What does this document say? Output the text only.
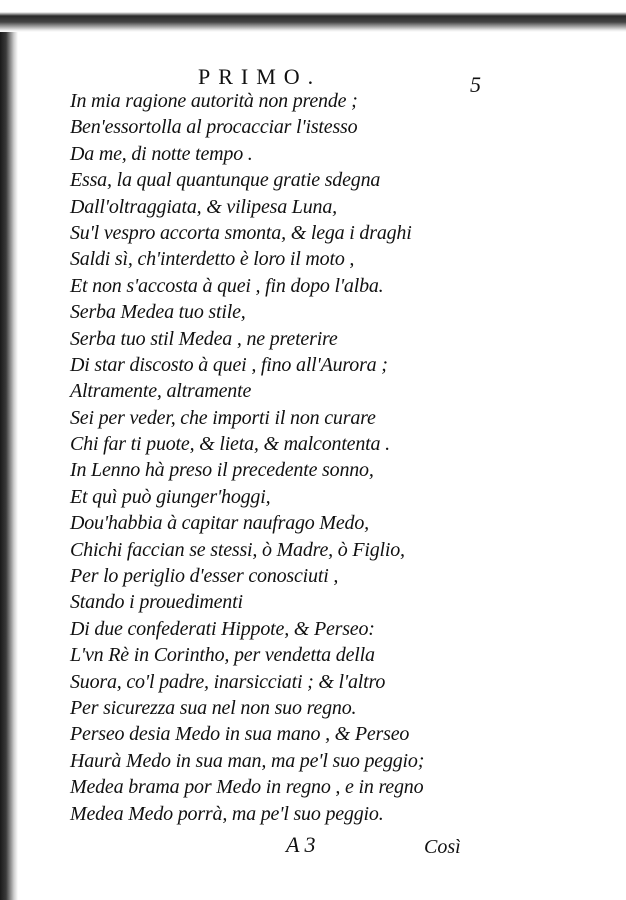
PRIMO.	5
In mia ragione autorità non prende ;
Ben'essortolla al procacciar l'istesso
Da me, di notte tempo .
Essa, la qual quantunque gratie sdegna
Dall'oltraggiata, & vilipesa Luna,
Su'l vespro accorta smonta, & lega i draghi
Saldi sì, ch'interdetto è loro il moto ,
Et non s'accosta à quei , fin dopo l'alba.
Serba Medea tuo stile,
Serba tuo stil Medea , ne preterire
Di star discosto à quei , fino all'Aurora ;
Altramente, altramente
Sei per veder, che importi il non curare
Chi far ti puote, & lieta, & malcontenta .
In Lenno hà preso il precedente sonno,
Et quì può giunger'hoggi,
Dou'habbia à capitar naufrago Medo,
Chichi faccian se stessi, ò Madre, ò Figlio,
Per lo periglio d'esser conosciuti ,
Stando i prouedimenti
Di due confederati Hippote, & Perseo:
L'vn Rè in Corintho, per vendetta della
Suora, co'l padre, inarsicciati ; & l'altro
Per sicurezza sua nel non suo regno.
Perseo desia Medo in sua mano , & Perseo
Haurà Medo in sua man, ma pe'l suo peggio;
Medea brama por Medo in regno , e in regno
Medea Medo porrà, ma pe'l suo peggio.
A 3	Così
